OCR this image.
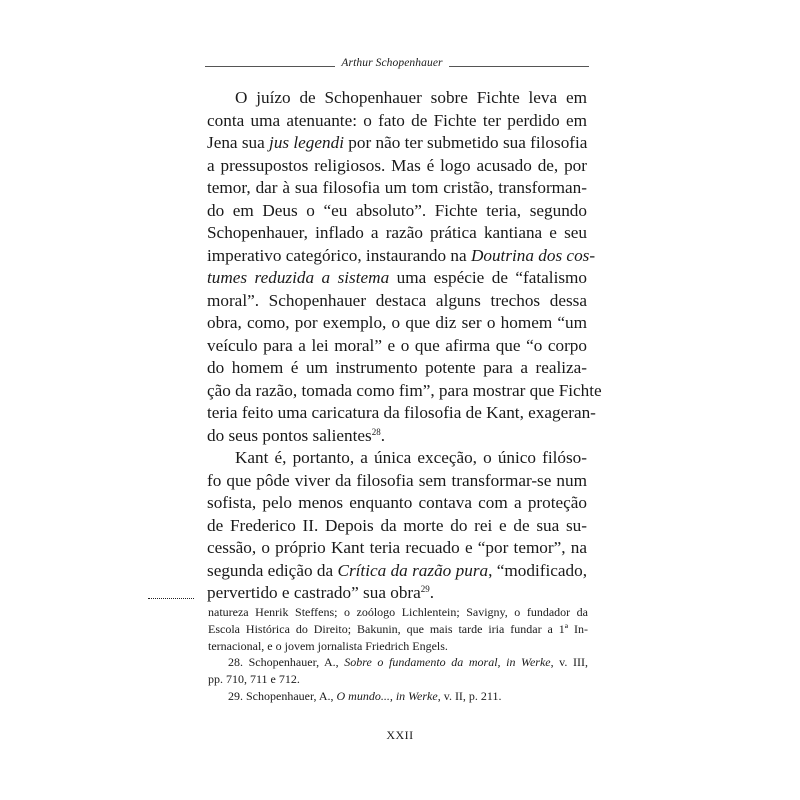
Arthur Schopenhauer
O juízo de Schopenhauer sobre Fichte leva em
conta uma atenuante: o fato de Fichte ter perdido em
Jena sua jus legendi por não ter submetido sua filosofia
a pressupostos religiosos. Mas é logo acusado de, por
temor, dar à sua filosofia um tom cristão, transforman-
do em Deus o “eu absoluto”. Fichte teria, segundo
Schopenhauer, inflado a razão prática kantiana e seu
imperativo categórico, instaurando na Doutrina dos cos-
tumes reduzida a sistema uma espécie de “fatalismo
moral”. Schopenhauer destaca alguns trechos dessa
obra, como, por exemplo, o que diz ser o homem “um
veículo para a lei moral” e o que afirma que “o corpo
do homem é um instrumento potente para a realiza-
ção da razão, tomada como fim”, para mostrar que Fichte
teria feito uma caricatura da filosofia de Kant, exageran-
do seus pontos salientes$^{28}$.
Kant é, portanto, a única exceção, o único filóso-
fo que pôde viver da filosofia sem transformar-se num
sofista, pelo menos enquanto contava com a proteção
de Frederico II. Depois da morte do rei e de sua su-
cessão, o próprio Kant teria recuado e “por temor”, na
segunda edição da Crítica da razão pura, “modificado,
pervertido e castrado” sua obra$^{29}$.
natureza Henrik Steffens; o zoólogo Lichlentein; Savigny, o fundador da
Escola Histórica do Direito; Bakunin, que mais tarde iria fundar a 1ª In-
ternacional, e o jovem jornalista Friedrich Engels.
28. Schopenhauer, A., Sobre o fundamento da moral, in Werke, v. III,
pp. 710, 711 e 712.
29. Schopenhauer, A., O mundo..., in Werke, v. II, p. 211.
XXII
